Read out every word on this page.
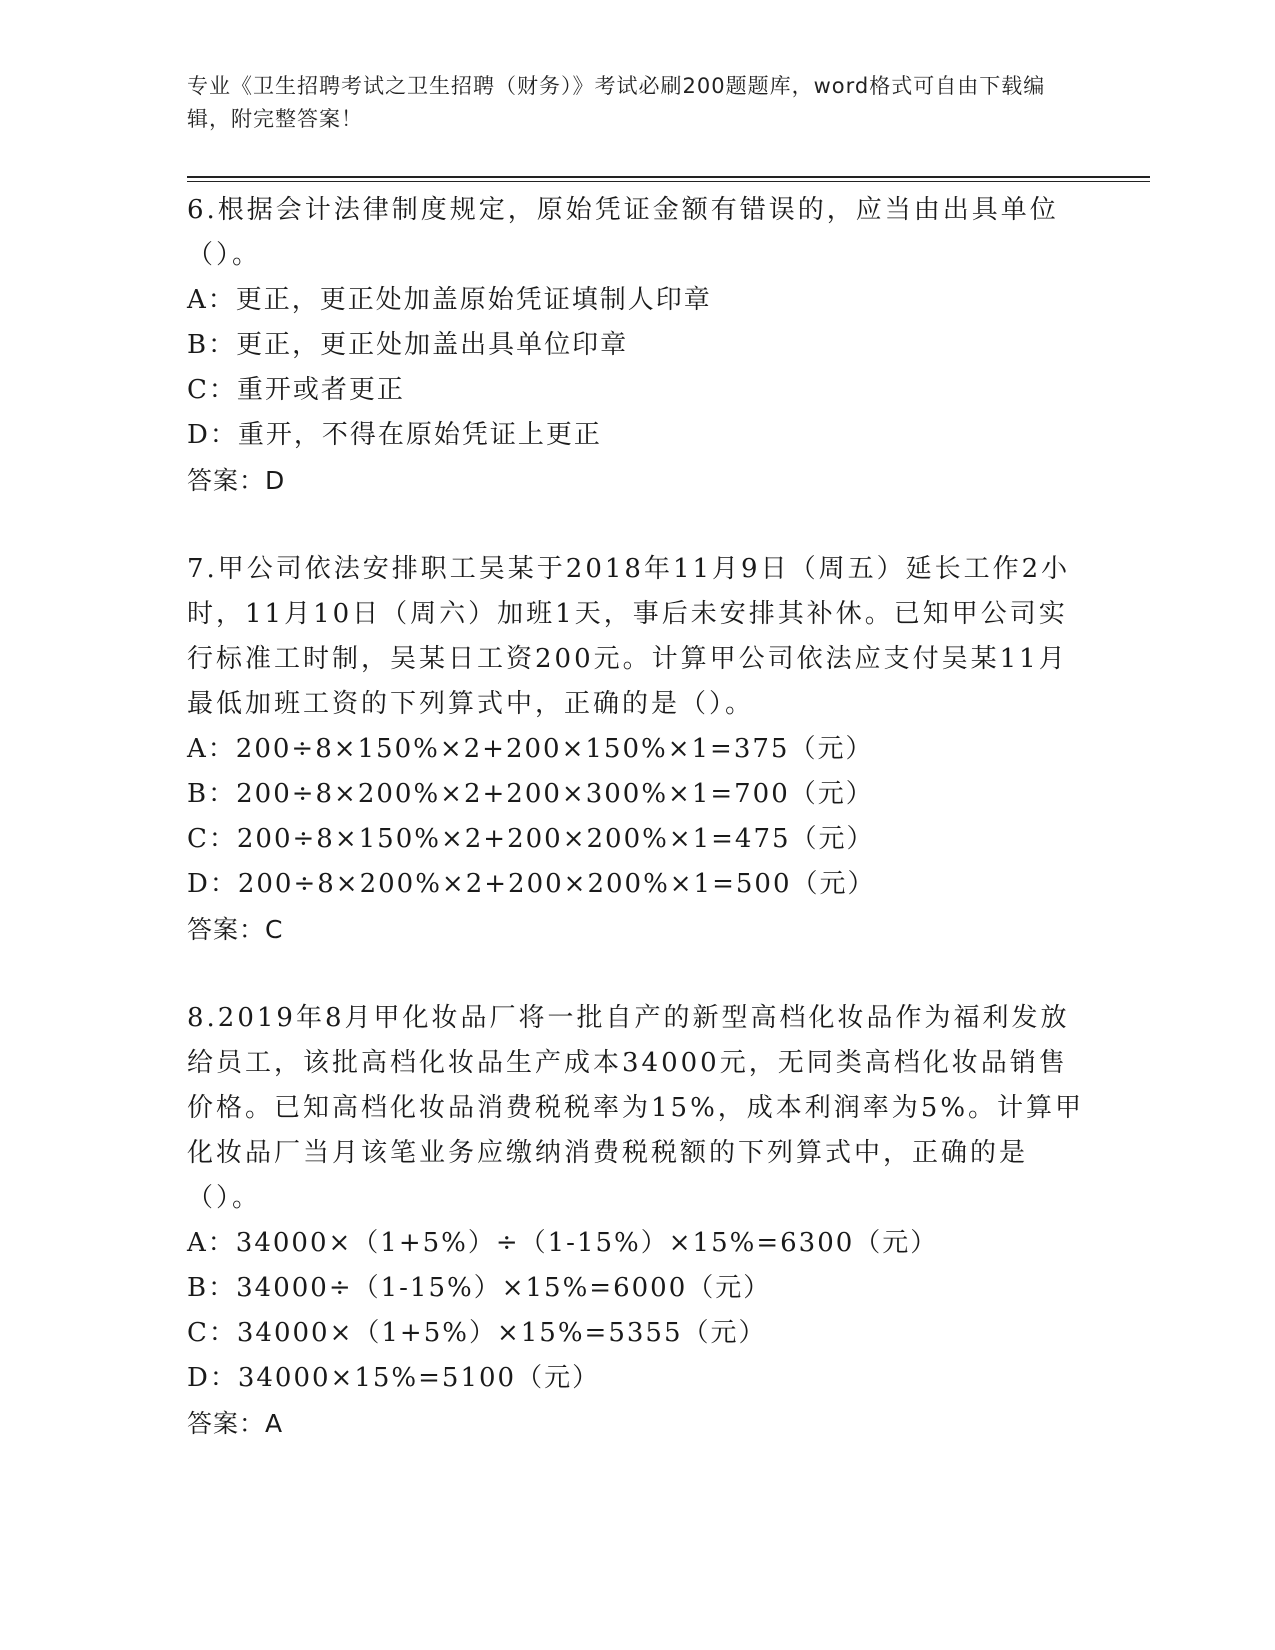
专业《卫生招聘考试之卫生招聘（财务）》考试必刷200题题库，word格式可自由下载编辑，附完整答案！

6.根据会计法律制度规定，原始凭证金额有错误的，应当由出具单位（）。

A：更正，更正处加盖原始凭证填制人印章

B：更正，更正处加盖出具单位印章

C：重开或者更正

D：重开，不得在原始凭证上更正

答案：D

7.甲公司依法安排职工吴某于2018年11月9日（周五）延长工作2小时，11月10日（周六）加班1天，事后未安排其补休。已知甲公司实行标准工时制，吴某日工资200元。计算甲公司依法应支付吴某11月最低加班工资的下列算式中，正确的是（）。

A：200÷8×150%×2+200×150%×1=375（元）

B：200÷8×200%×2+200×300%×1=700（元）

C：200÷8×150%×2+200×200%×1=475（元）

D：200÷8×200%×2+200×200%×1=500（元）

答案：C

8.2019年8月甲化妆品厂将一批自产的新型高档化妆品作为福利发放给员工，该批高档化妆品生产成本34000元，无同类高档化妆品销售价格。已知高档化妆品消费税税率为15%，成本利润率为5%。计算甲化妆品厂当月该笔业务应缴纳消费税税额的下列算式中，正确的是（）。

A：34000×（1+5%）÷（1-15%）×15%=6300（元）

B：34000÷（1-15%）×15%=6000（元）

C：34000×（1+5%）×15%=5355（元）

D：34000×15%=5100（元）

答案：A
